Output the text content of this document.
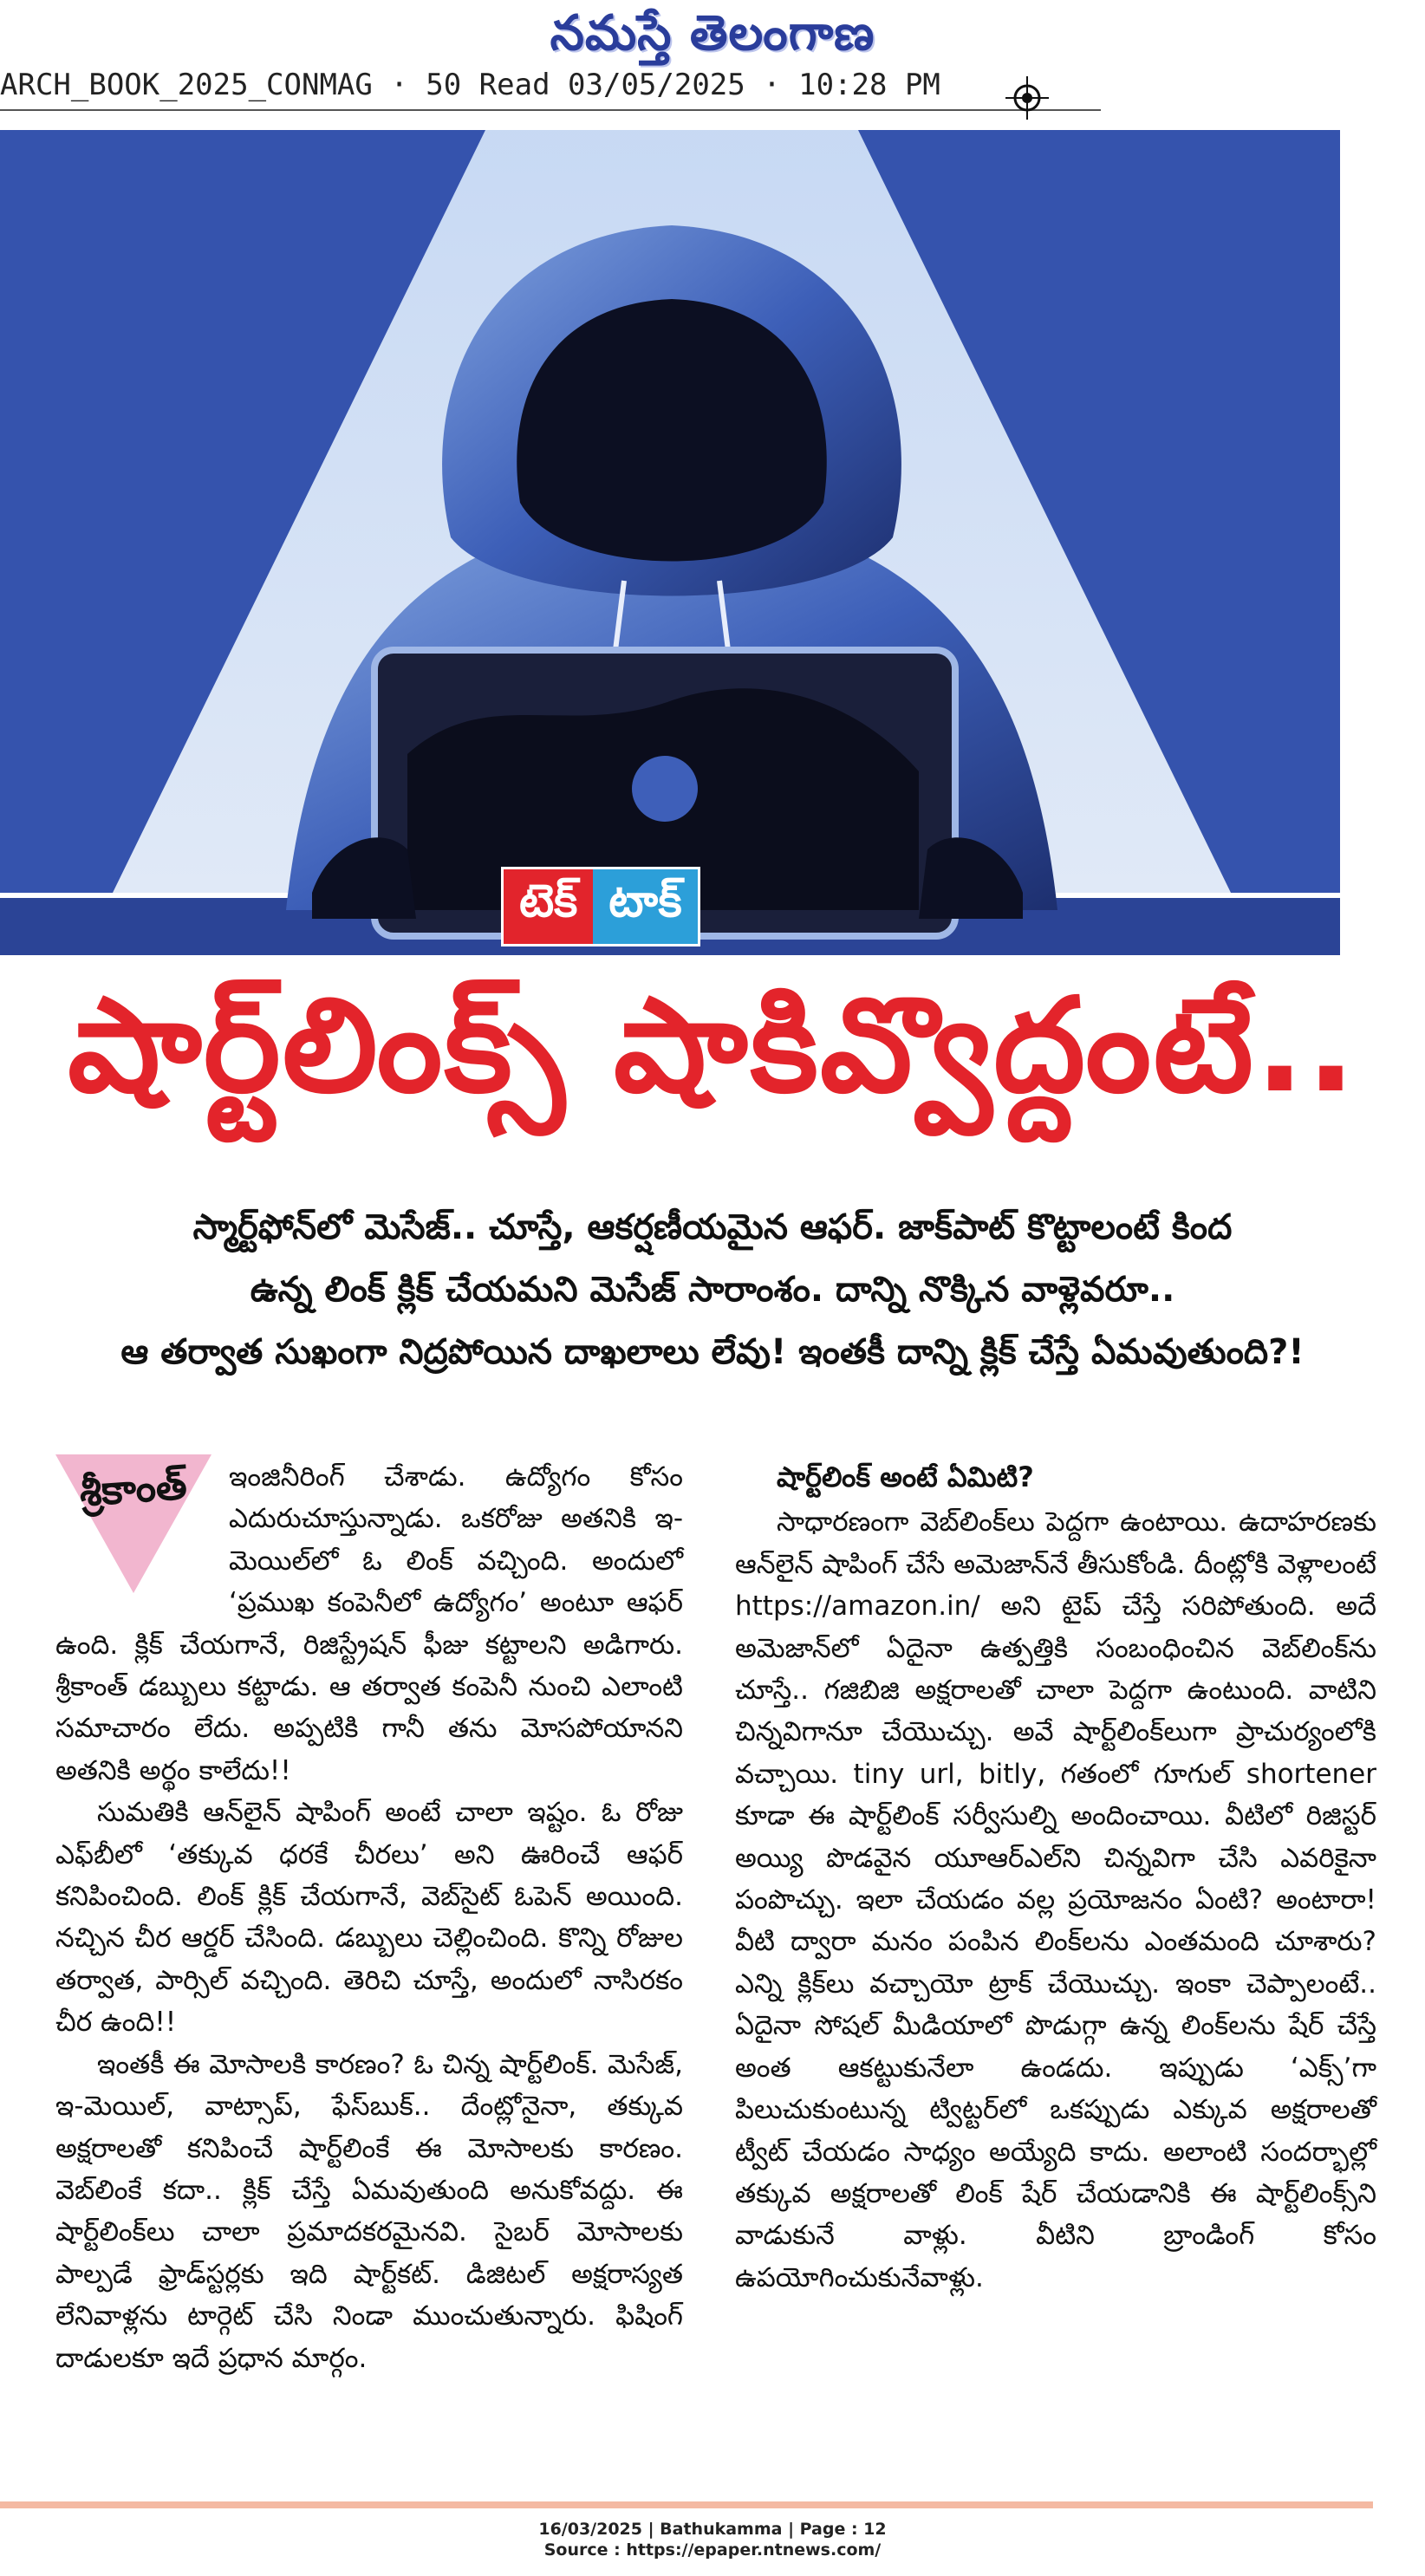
నమస్తే తెలంగాణ
ARCH_BOOK_2025_CONMAG · 50 Read 03/05/2025 · 10:28 PM
టెక్ టాక్
షార్ట్‌లింక్స్ షాకివ్వొద్దంటే..
స్మార్ట్‌ఫోన్‌లో మెసేజ్.. చూస్తే, ఆకర్షణీయమైన ఆఫర్. జాక్‌పాట్ కొట్టాలంటే కింద
ఉన్న లింక్ క్లిక్ చేయమని మెసేజ్ సారాంశం. దాన్ని నొక్కిన వాళ్లెవరూ..
ఆ తర్వాత సుఖంగా నిద్రపోయిన దాఖలాలు లేవు! ఇంతకీ దాన్ని క్లిక్ చేస్తే ఏమవుతుంది?!
శ్రీకాంత్	ఇంజినీరింగ్ చేశాడు. ఉద్యోగం కోసం ఎదురుచూస్తున్నాడు. ఒకరోజు అతనికి ఇ-మెయిల్‌లో ఓ లింక్ వచ్చింది. అందులో ‘ప్రముఖ కంపెనీలో ఉద్యోగం’ అంటూ ఆఫర్ ఉంది. క్లిక్ చేయగానే, రిజిస్ట్రేషన్ ఫీజు కట్టాలని అడిగారు. శ్రీకాంత్ డబ్బులు కట్టాడు. ఆ తర్వాత కంపెనీ నుంచి ఎలాంటి సమాచారం లేదు. అప్పటికి గానీ తను మోసపోయానని అతనికి అర్థం కాలేదు!!

సుమతికి ఆన్‌లైన్ షాపింగ్ అంటే చాలా ఇష్టం. ఓ రోజు ఎఫ్‌బీలో ‘తక్కువ ధరకే చీరలు’ అని ఊరించే ఆఫర్ కనిపించింది. లింక్ క్లిక్ చేయగానే, వెబ్‌సైట్ ఓపెన్ అయింది. నచ్చిన చీర ఆర్డర్ చేసింది. డబ్బులు చెల్లించింది. కొన్ని రోజుల తర్వాత, పార్సిల్ వచ్చింది. తెరిచి చూస్తే, అందులో నాసిరకం చీర ఉంది!!

ఇంతకీ ఈ మోసాలకి కారణం? ఓ చిన్న షార్ట్‌లింక్. మెసేజ్, ఇ-మెయిల్, వాట్సాప్, ఫేస్‌బుక్.. దేంట్లోనైనా, తక్కువ అక్షరాలతో కనిపించే షార్ట్‌లింకే ఈ మోసాలకు కారణం. వెబ్‌లింకే కదా.. క్లిక్ చేస్తే ఏమవుతుంది అనుకోవద్దు. ఈ షార్ట్‌లింక్‌లు చాలా ప్రమాదకరమైనవి. సైబర్ మోసాలకు పాల్పడే ఫ్రాడ్‌స్టర్లకు ఇది షార్ట్‌కట్. డిజిటల్ అక్షరాస్యత లేనివాళ్లను టార్గెట్ చేసి నిండా ముంచుతున్నారు. ఫిషింగ్ దాడులకూ ఇదే ప్రధాన మార్గం.

షార్ట్‌లింక్ అంటే ఏమిటి?

సాధారణంగా వెబ్‌లింక్‌లు పెద్దగా ఉంటాయి. ఉదాహరణకు ఆన్‌లైన్ షాపింగ్ చేసే అమెజాన్‌నే తీసుకోండి. దీంట్లోకి వెళ్లాలంటే https://amazon.in/ అని టైప్ చేస్తే సరిపోతుంది. అదే అమెజాన్‌లో ఏదైనా ఉత్పత్తికి సంబంధించిన వెబ్‌లింక్‌ను చూస్తే.. గజిబిజి అక్షరాలతో చాలా పెద్దగా ఉంటుంది. వాటిని చిన్నవిగానూ చేయొచ్చు. అవే షార్ట్‌లింక్‌లుగా ప్రాచుర్యంలోకి వచ్చాయి. tiny url, bitly, గతంలో గూగుల్ shortener కూడా ఈ షార్ట్‌లింక్ సర్వీసుల్ని అందించాయి. వీటిలో రిజిస్టర్ అయ్యి పొడవైన యూఆర్ఎల్‌ని చిన్నవిగా చేసి ఎవరికైనా పంపొచ్చు. ఇలా చేయడం వల్ల ప్రయోజనం ఏంటి? అంటారా! వీటి ద్వారా మనం పంపిన లింక్‌లను ఎంతమంది చూశారు? ఎన్ని క్లిక్‌లు వచ్చాయో ట్రాక్ చేయొచ్చు. ఇంకా చెప్పాలంటే.. ఏదైనా సోషల్ మీడియాలో పొడుగ్గా ఉన్న లింక్‌లను షేర్ చేస్తే అంత ఆకట్టుకునేలా ఉండదు. ఇప్పుడు ‘ఎక్స్’గా పిలుచుకుంటున్న ట్విట్టర్‌లో ఒకప్పుడు ఎక్కువ అక్షరాలతో ట్వీట్ చేయడం సాధ్యం అయ్యేది కాదు. అలాంటి సందర్భాల్లో తక్కువ అక్షరాలతో లింక్ షేర్ చేయడానికి ఈ షార్ట్‌లింక్స్‌ని వాడుకునే వాళ్లు. వీటిని బ్రాండింగ్ కోసం ఉపయోగించుకునేవాళ్లు.

16/03/2025 | Bathukamma | Page : 12
Source : https://epaper.ntnews.com/
